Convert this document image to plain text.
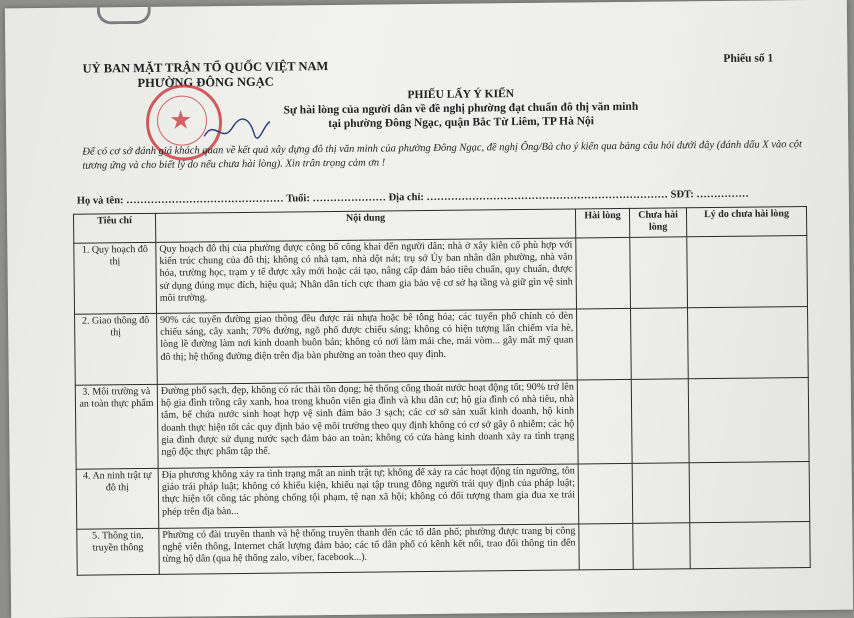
UỶ BAN MẶT TRẬN TỔ QUỐC VIỆT NAM
PHƯỜNG ĐÔNG NGẠC
Phiếu số 1
★
PHIẾU LẤY Ý KIẾN
Sự hài lòng của người dân về đề nghị phường đạt chuẩn đô thị văn minh
tại phường Đông Ngạc, quận Bắc Từ Liêm, TP Hà Nội
Để có cơ sở đánh giá khách quan về kết quả xây dựng đô thị văn minh của phường Đông Ngạc, đề nghị Ông/Bà cho ý kiến qua bảng câu hỏi dưới đây (đánh dấu X vào cột tương ứng và cho biết lý do nếu chưa hài lòng). Xin trân trọng cảm ơn !
Họ và tên: ……………………………………… Tuổi: ………………… Địa chỉ: …………………………………………………………… SĐT: ……………
Tiêu chí	Nội dung	Hài lòng	Chưa hài lòng	Lý do chưa hài lòng
1. Quy hoạch đô thị	Quy hoạch đô thị của phường được công bố công khai đến người dân; nhà ở xây kiên cố phù hợp với kiến trúc chung của đô thị; không có nhà tạm, nhà dột nát; trụ sở Ủy ban nhân dân phường, nhà văn hóa, trường học, trạm y tế được xây mới hoặc cải tạo, nâng cấp đảm bảo tiêu chuẩn, quy chuẩn, được sử dụng đúng mục đích, hiệu quả; Nhân dân tích cực tham gia bảo vệ cơ sở hạ tầng và giữ gìn vệ sinh môi trường.			
2. Giao thông đô thị	90% các tuyến đường giao thông đều được rải nhựa hoặc bê tông hóa; các tuyến phố chính có đèn chiếu sáng, cây xanh; 70% đường, ngõ phố được chiếu sáng; không có hiện tượng lấn chiếm vỉa hè, lòng lề đường làm nơi kinh doanh buôn bán; không có nơi làm mái che, mái vòm... gây mất mỹ quan đô thị; hệ thống đường điện trên địa bàn phường an toàn theo quy định.			
3. Môi trường và an toàn thực phẩm	Đường phố sạch, đẹp, không có rác thải tồn đọng; hệ thống cống thoát nước hoạt động tốt; 90% trở lên hộ gia đình trồng cây xanh, hoa trong khuôn viên gia đình và khu dân cư; hộ gia đình có nhà tiêu, nhà tắm, bể chứa nước sinh hoạt hợp vệ sinh đảm bảo 3 sạch; các cơ sở sản xuất kinh doanh, hộ kinh doanh thực hiện tốt các quy định bảo vệ môi trường theo quy định không có cơ sở gây ô nhiễm; các hộ gia đình được sử dụng nước sạch đảm bảo an toàn; không có cửa hàng kinh doanh xảy ra tình trạng ngộ độc thực phẩm tập thể.			
4. An ninh trật tự đô thị	Địa phương không xảy ra tình trạng mất an ninh trật tự; không để xảy ra các hoạt động tín ngưỡng, tôn giáo trái pháp luật; không có khiếu kiện, khiếu nại tập trung đông người trái quy định của pháp luật; thực hiện tốt công tác phòng chống tội phạm, tệ nạn xã hội; không có đối tượng tham gia đua xe trái phép trên địa bàn...			
5. Thông tin, truyền thông	Phường có đài truyền thanh và hệ thống truyền thanh đến các tổ dân phố; phường được trang bị công nghệ viễn thông, Internet chất lượng đảm bảo; các tổ dân phố có kênh kết nối, trao đổi thông tin đến từng hộ dân (qua hệ thống zalo, viber, facebook...).			
